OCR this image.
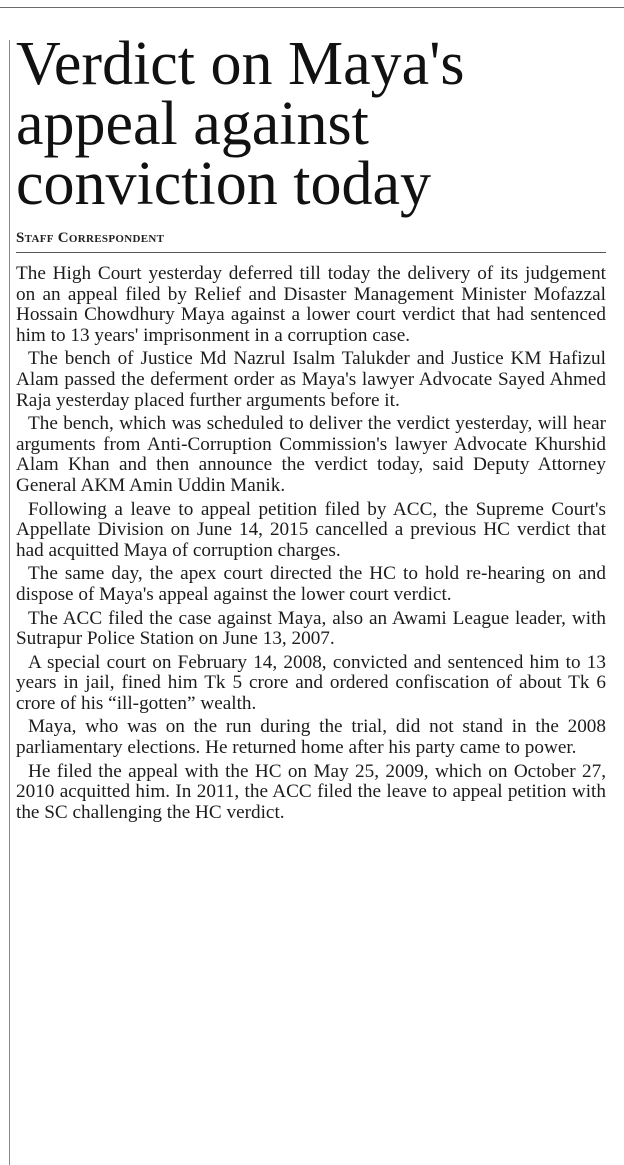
Verdict on Maya's
appeal against
conviction today
Staff Correspondent

The High Court yesterday deferred till today the delivery of its judgement on an appeal filed by Relief and Disaster Management Minister Mofazzal Hossain Chowdhury Maya against a lower court verdict that had sentenced him to 13 years' imprisonment in a corruption case.

The bench of Justice Md Nazrul Isalm Talukder and Justice KM Hafizul Alam passed the deferment order as Maya's lawyer Advocate Sayed Ahmed Raja yesterday placed further arguments before it.

The bench, which was scheduled to deliver the verdict yesterday, will hear arguments from Anti-Corruption Commission's lawyer Advocate Khurshid Alam Khan and then announce the verdict today, said Deputy Attorney General AKM Amin Uddin Manik.

Following a leave to appeal petition filed by ACC, the Supreme Court's Appellate Division on June 14, 2015 cancelled a previous HC verdict that had acquitted Maya of corruption charges.

The same day, the apex court directed the HC to hold re-hearing on and dispose of Maya's appeal against the lower court verdict.

The ACC filed the case against Maya, also an Awami League leader, with Sutrapur Police Station on June 13, 2007.

A special court on February 14, 2008, convicted and sentenced him to 13 years in jail, fined him Tk 5 crore and ordered confiscation of about Tk 6 crore of his “ill-gotten” wealth.

Maya, who was on the run during the trial, did not stand in the 2008 parliamentary elections. He returned home after his party came to power.

He filed the appeal with the HC on May 25, 2009, which on October 27, 2010 acquitted him. In 2011, the ACC filed the leave to appeal petition with the SC challenging the HC verdict.
